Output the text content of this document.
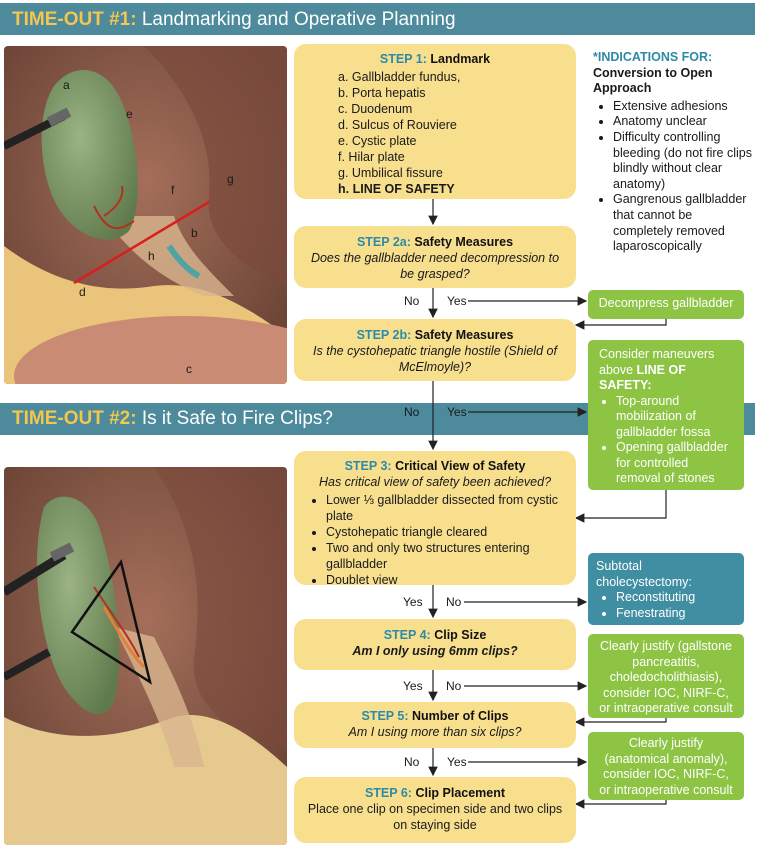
TIME-OUT #1: Landmarking and Operative Planning
a
e
f
g
b
h
d
c
TIME-OUT #2: Is it Safe to Fire Clips?
No Yes
No Yes
Yes No
Yes No
No Yes
STEP 1: Landmark
a. Gallbladder fundus,
b. Porta hepatis
c. Duodenum
d. Sulcus of Rouviere
e. Cystic plate
f. Hilar plate
g. Umbilical fissure
h. LINE OF SAFETY
STEP 2a: Safety Measures
Does the gallbladder need decompression to be grasped?
STEP 2b: Safety Measures
Is the cystohepatic triangle hostile (Shield of McElmoyle)?
STEP 3: Critical View of Safety
Has critical view of safety been achieved?
• Lower ⅓ gallbladder dissected from cystic plate
• Cystohepatic triangle cleared
• Two and only two structures entering gallbladder
• Doublet view
STEP 4: Clip Size
Am I only using 6mm clips?
STEP 5: Number of Clips
Am I using more than six clips?
STEP 6: Clip Placement
Place one clip on specimen side and two clips on staying side
*INDICATIONS FOR:
Conversion to Open Approach
• Extensive adhesions
• Anatomy unclear
• Difficulty controlling bleeding (do not fire clips blindly without clear anatomy)
• Gangrenous gallbladder that cannot be completely removed laparoscopically
Decompress gallbladder
Consider maneuvers above LINE OF SAFETY:
• Top-around mobilization of gallbladder fossa
• Opening gallbladder for controlled removal of stones
Subtotal cholecystectomy:
• Reconstituting
• Fenestrating
Clearly justify (gallstone pancreatitis, choledocholithiasis), consider IOC, NIRF-C, or intraoperative consult
Clearly justify (anatomical anomaly), consider IOC, NIRF-C, or intraoperative consult
